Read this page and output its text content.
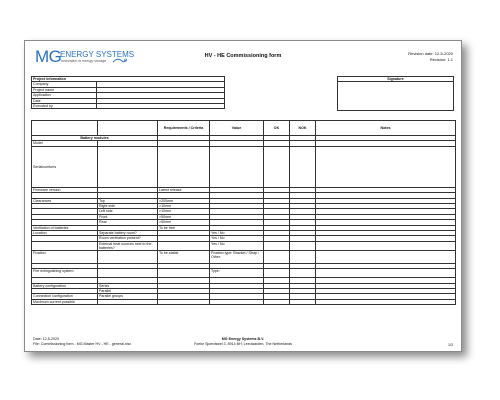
MG
ENERGY SYSTEMS
innovation in energy storage
HV - HE Commissioning form	Revision date: 12-5-2020
Revision: 1.1
Project information	
Company	
Project name	
Application	
Date	
Executed by	
Signature

		Requirements / Criteria	Value	OK	NOK	Notes
Battery modules						
Model						
Serialnumbers						
Firmware version		Latest release				

Clearances	Top	>200mm				
	Right side	>10mm				
	Left side	>10mm				
	Front	>50mm				
	Rear	>50mm				
Ventilation of batteries		To be free				
Location	Separate battery room?		Yes / No			
	Room ventilation present?		Yes / No			
	External heat sources next to the batteries?		Yes / No			
Fixation		To be stable	Fixation type: Bracket / Strap / Other:			

Fire extinguishing system			Type:			

Battery configuration	Series					
	Parallel					
Connection configuration	Parallel groups					
Maximum current possible						
Date: 12-5-2020
File: Commissioning form - MG Master HV - HE - general.xlsx
MG Energy Systems B.V.
Foeke Sjoerdswei 3, 8914 BH, Leeuwarden, The Netherlands	1/3
